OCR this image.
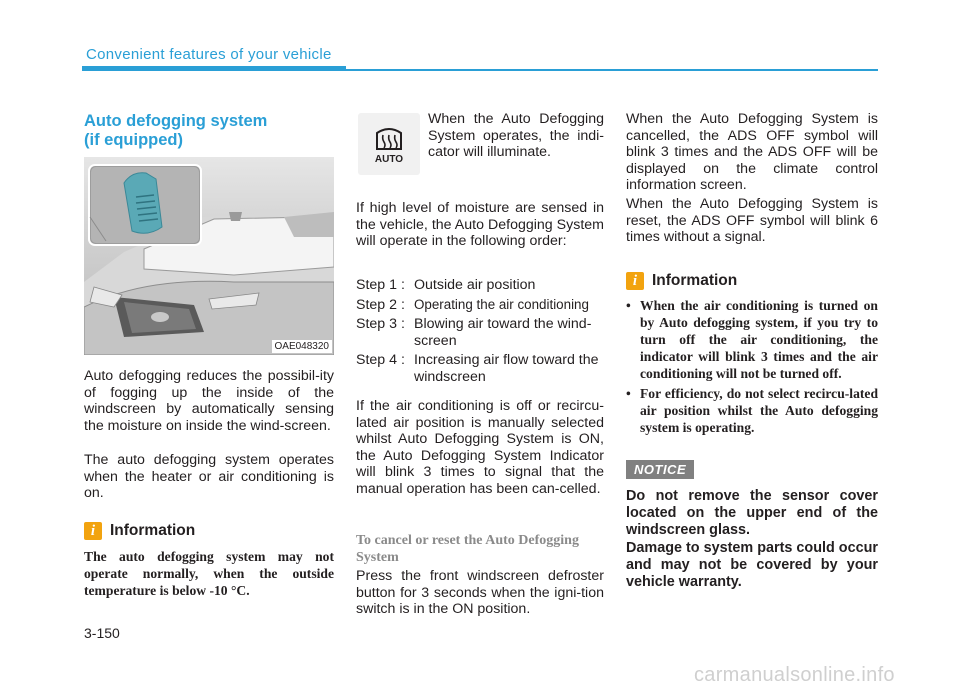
Convenient features of your vehicle
Auto defogging system
(if equipped)
OAE048320
Auto defogging reduces the possibil-ity of fogging up the inside of the windscreen by automatically sensing the moisture on inside the wind-screen.
The auto defogging system operates when the heater or air conditioning is on.
i Information
The auto defogging system may not operate normally, when the outside temperature is below -10 °C.
AUTO
When the Auto Defogging System operates, the indi-cator will illuminate.
If high level of moisture are sensed in the vehicle, the Auto Defogging System will operate in the following order:
Step 1 : Outside air position
Step 2 : Operating the air conditioning
Step 3 : Blowing air toward the wind-screen
Step 4 : Increasing air flow toward the windscreen
If the air conditioning is off or recircu-lated air position is manually selected whilst Auto Defogging System is ON, the Auto Defogging System Indicator will blink 3 times to signal that the manual operation has been can-celled.
To cancel or reset the Auto Defogging System
Press the front windscreen defroster button for 3 seconds when the igni-tion switch is in the ON position.
When the Auto Defogging System is cancelled, the ADS OFF symbol will blink 3 times and the ADS OFF will be displayed on the climate control information screen.
When the Auto Defogging System is reset, the ADS OFF symbol will blink 6 times without a signal.
i Information
• When the air conditioning is turned on by Auto defogging system, if you try to turn off the air conditioning, the indicator will blink 3 times and the air conditioning will not be turned off.
• For efficiency, do not select recircu-lated air position whilst the Auto defogging system is operating.
NOTICE
Do not remove the sensor cover located on the upper end of the windscreen glass.
Damage to system parts could occur and may not be covered by your vehicle warranty.
3-150
carmanualsonline.info
